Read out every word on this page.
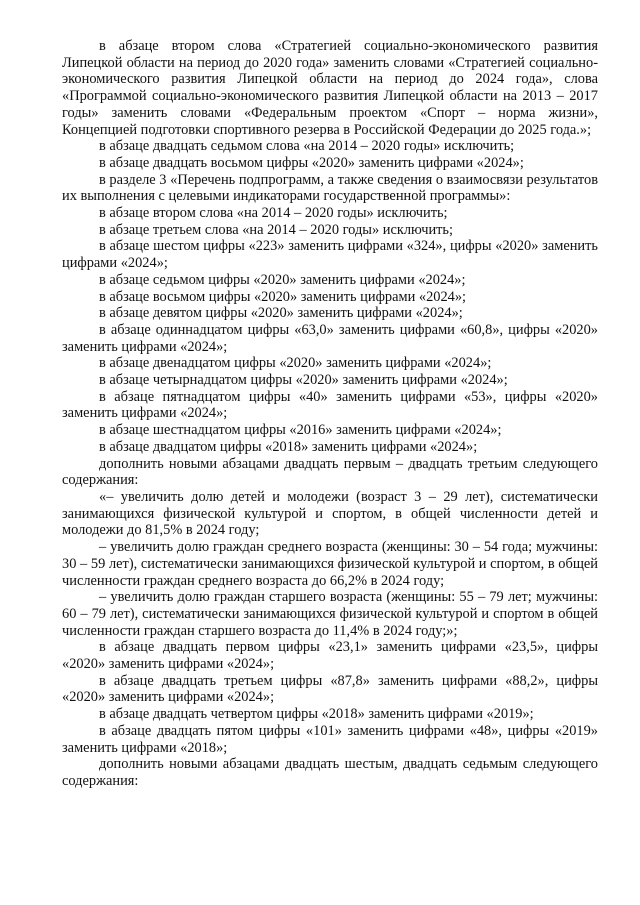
в абзаце втором слова «Стратегией социально-экономического развития Липецкой области на период до 2020 года» заменить словами «Стратегией социально-экономического развития Липецкой области на период до 2024 года», слова «Программой социально-экономического развития Липецкой области на 2013 – 2017 годы» заменить словами «Федеральным проектом «Спорт – норма жизни», Концепцией подготовки спортивного резерва в Российской Федерации до 2025 года.»;

в абзаце двадцать седьмом слова «на 2014 – 2020 годы» исключить;

в абзаце двадцать восьмом цифры «2020» заменить цифрами «2024»;

в разделе 3 «Перечень подпрограмм, а также сведения о взаимосвязи результатов их выполнения с целевыми индикаторами государственной программы»:

в абзаце втором слова «на 2014 – 2020 годы» исключить;

в абзаце третьем слова «на 2014 – 2020 годы» исключить;

в абзаце шестом цифры «223» заменить цифрами «324», цифры «2020» заменить цифрами «2024»;

в абзаце седьмом цифры «2020» заменить цифрами «2024»;

в абзаце восьмом цифры «2020» заменить цифрами «2024»;

в абзаце девятом цифры «2020» заменить цифрами «2024»;

в абзаце одиннадцатом цифры «63,0» заменить цифрами «60,8», цифры «2020» заменить цифрами «2024»;

в абзаце двенадцатом цифры «2020» заменить цифрами «2024»;

в абзаце четырнадцатом цифры «2020» заменить цифрами «2024»;

в абзаце пятнадцатом цифры «40» заменить цифрами «53», цифры «2020» заменить цифрами «2024»;

в абзаце шестнадцатом цифры «2016» заменить цифрами «2024»;

в абзаце двадцатом цифры «2018» заменить цифрами «2024»;

дополнить новыми абзацами двадцать первым – двадцать третьим следующего содержания:

«– увеличить долю детей и молодежи (возраст 3 – 29 лет), систематически занимающихся физической культурой и спортом, в общей численности детей и молодежи до 81,5% в 2024 году;

– увеличить долю граждан среднего возраста (женщины: 30 – 54 года; мужчины: 30 – 59 лет), систематически занимающихся физической культурой и спортом, в общей численности граждан среднего возраста до 66,2% в 2024 году;

– увеличить долю граждан старшего возраста (женщины: 55 – 79 лет; мужчины: 60 – 79 лет), систематически занимающихся физической культурой и спортом в общей численности граждан старшего возраста до 11,4% в 2024 году;»;

в абзаце двадцать первом цифры «23,1» заменить цифрами «23,5», цифры «2020» заменить цифрами «2024»;

в абзаце двадцать третьем цифры «87,8» заменить цифрами «88,2», цифры «2020» заменить цифрами «2024»;

в абзаце двадцать четвертом цифры «2018» заменить цифрами «2019»;

в абзаце двадцать пятом цифры «101» заменить цифрами «48», цифры «2019» заменить цифрами «2018»;

дополнить новыми абзацами двадцать шестым, двадцать седьмым следующего содержания:
